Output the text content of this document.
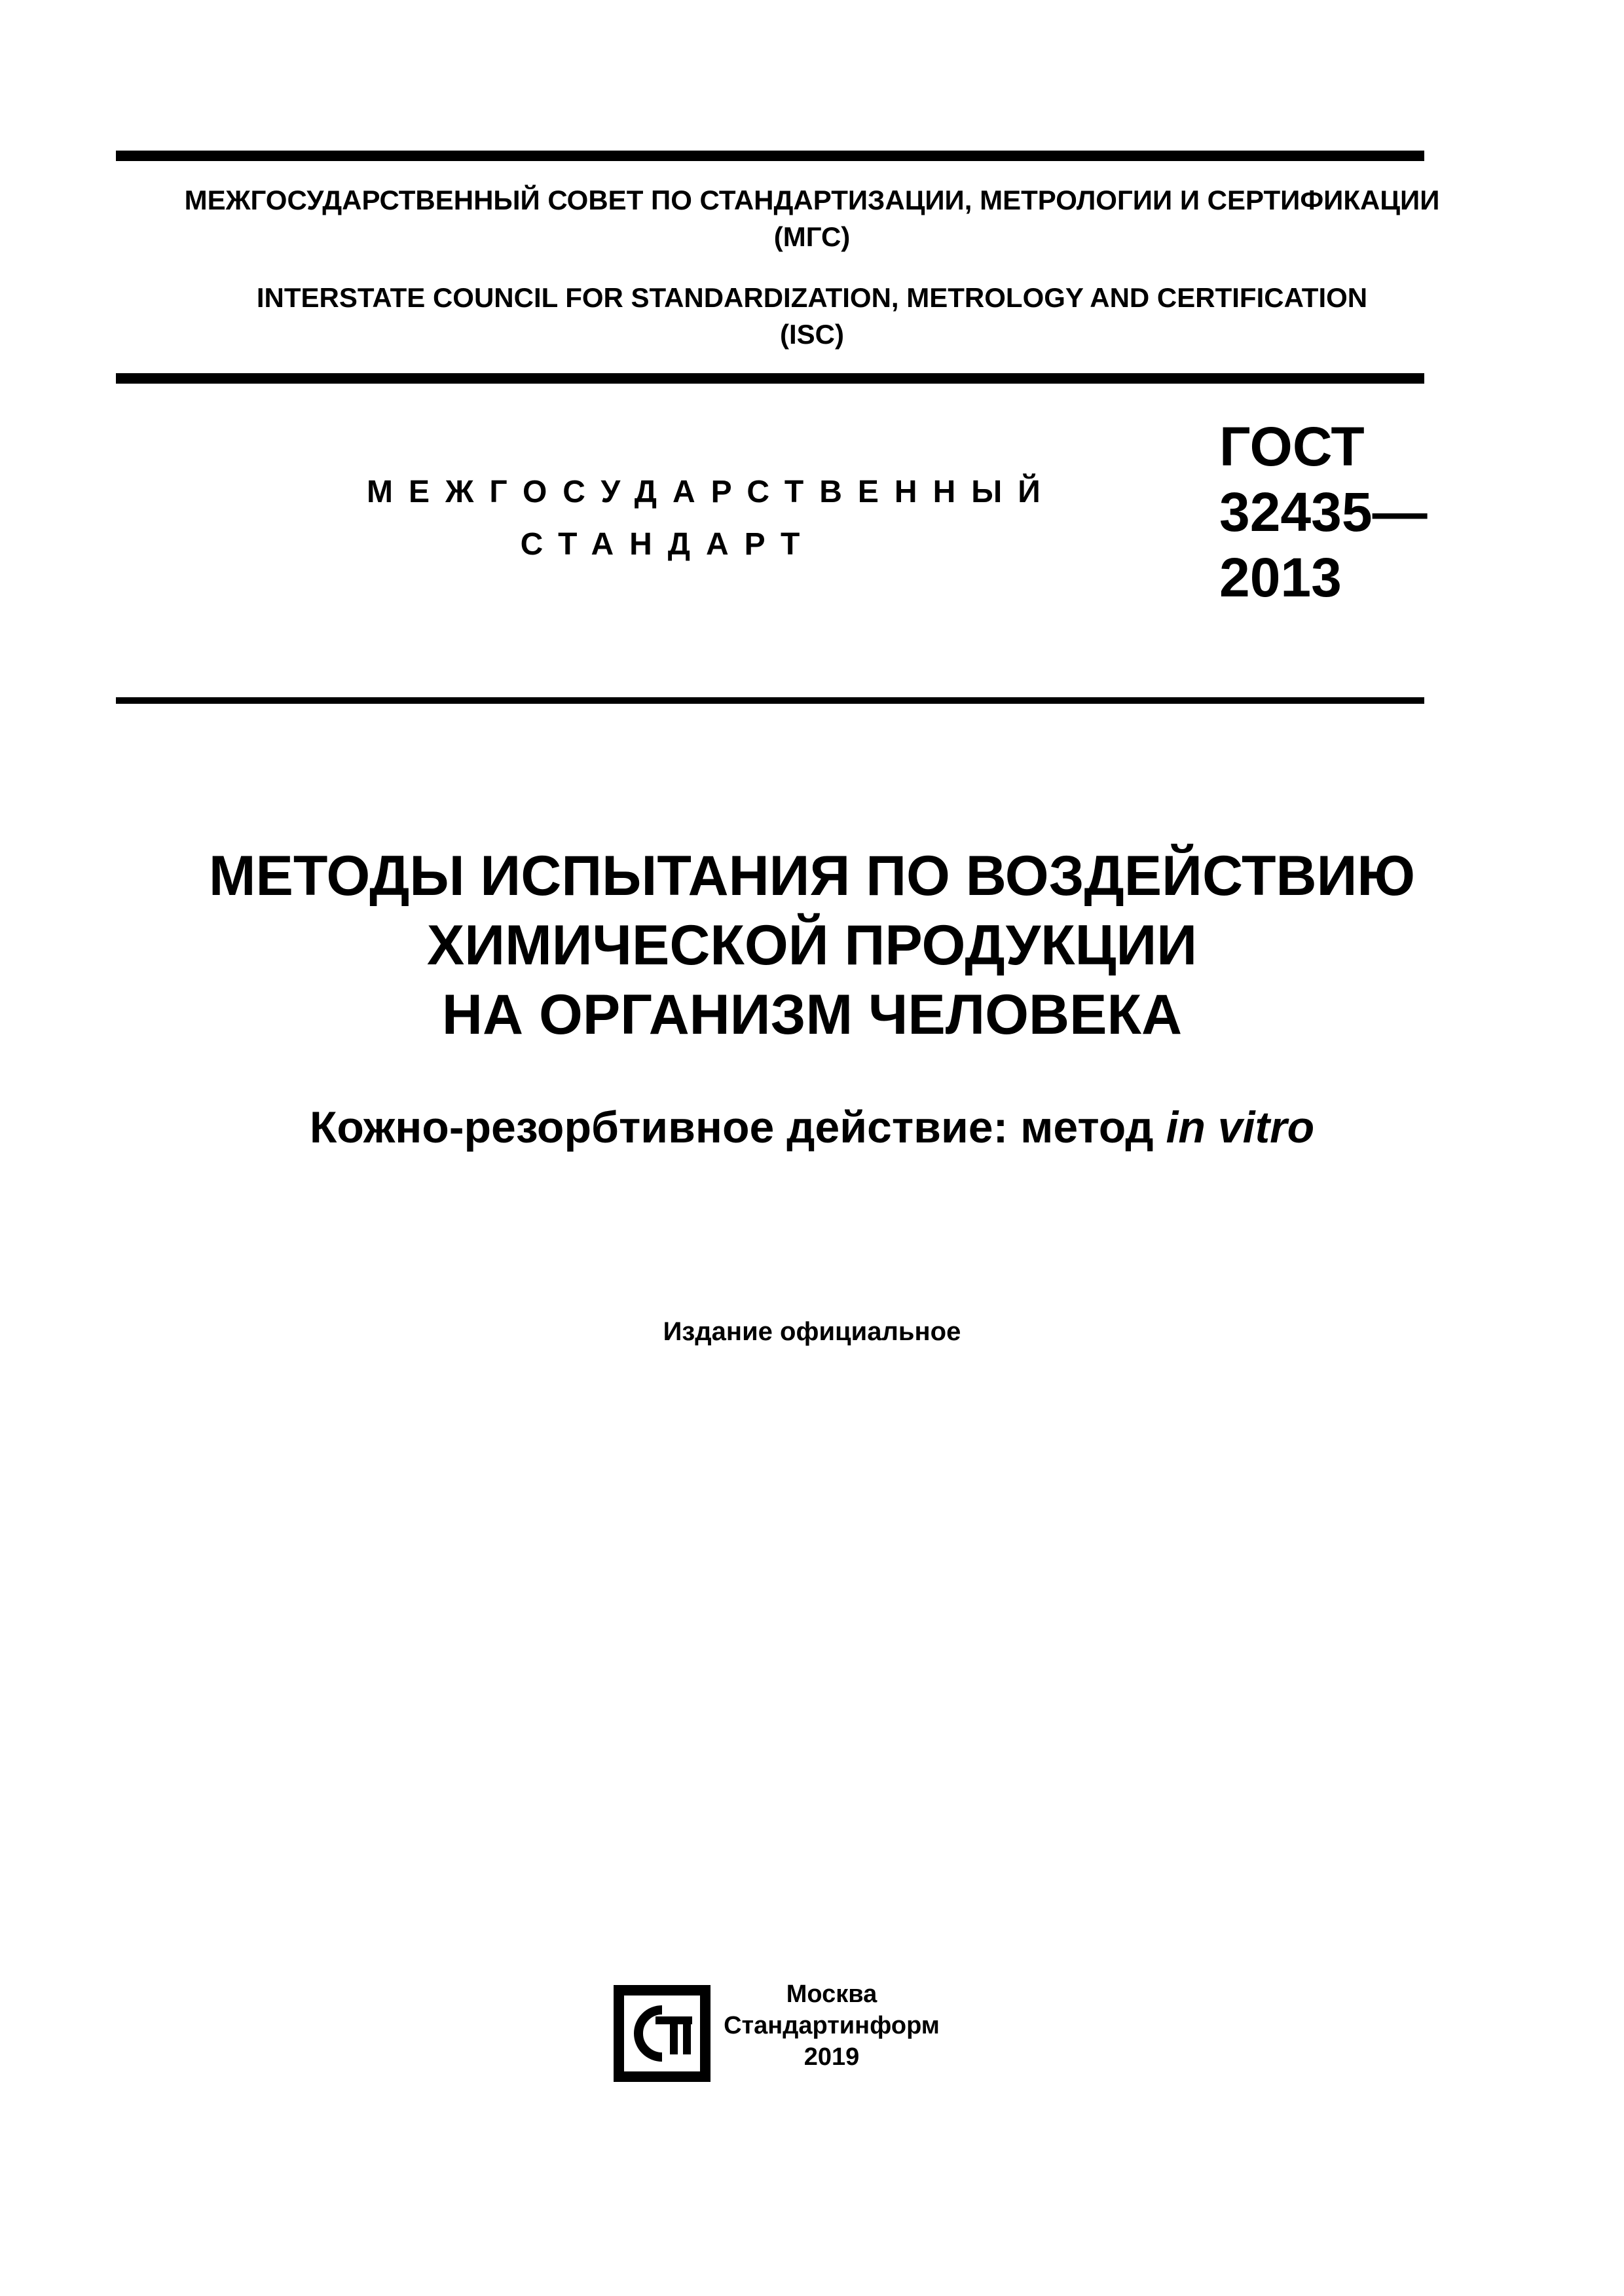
МЕЖГОСУДАРСТВЕННЫЙ СОВЕТ ПО СТАНДАРТИЗАЦИИ, МЕТРОЛОГИИ И СЕРТИФИКАЦИИ
(МГС)
INTERSTATE COUNCIL FOR STANDARDIZATION, METROLOGY AND CERTIFICATION
(ISC)
МЕЖГОСУДАРСТВЕННЫЙ
СТАНДАРТ
ГОСТ
32435—
2013
МЕТОДЫ ИСПЫТАНИЯ ПО ВОЗДЕЙСТВИЮ
ХИМИЧЕСКОЙ ПРОДУКЦИИ
НА ОРГАНИЗМ ЧЕЛОВЕКА
Кожно-резорбтивное действие: метод in vitro
Издание официальное
Москва
Стандартинформ
2019
